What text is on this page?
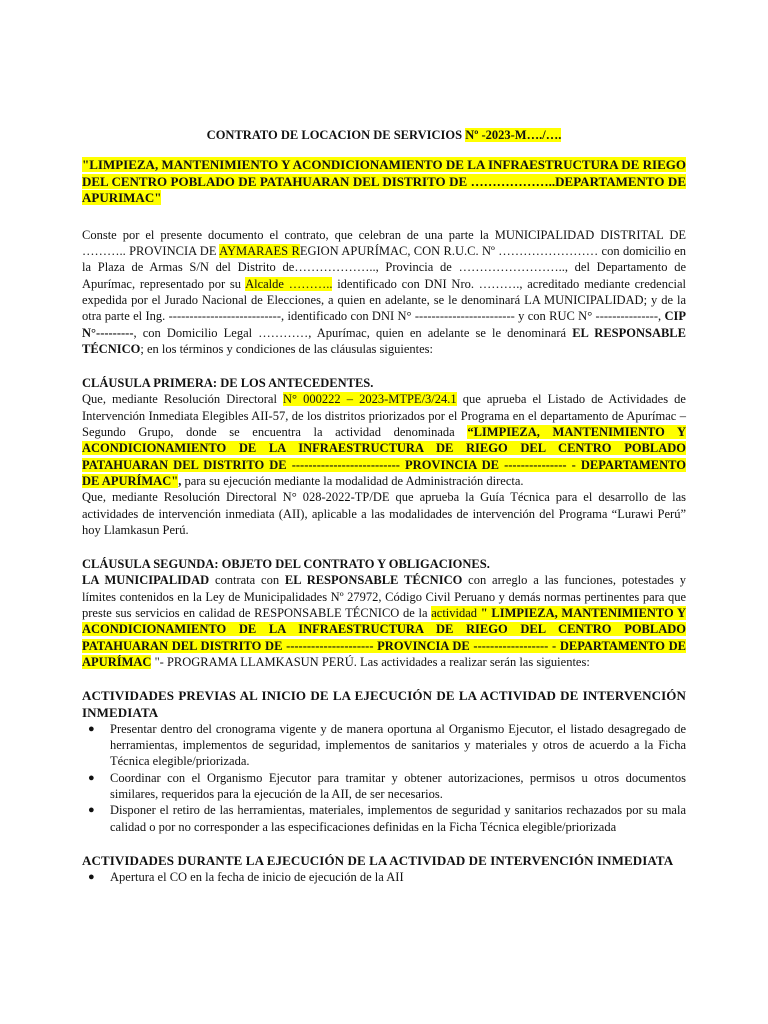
CONTRATO DE LOCACION DE SERVICIOS Nº -2023-M…./….

"LIMPIEZA, MANTENIMIENTO Y ACONDICIONAMIENTO DE LA INFRAESTRUCTURA DE RIEGO DEL CENTRO POBLADO DE PATAHUARAN DEL DISTRITO DE ………………..DEPARTAMENTO DE APURIMAC"

Conste por el presente documento el contrato, que celebran de una parte la MUNICIPALIDAD DISTRITAL DE ……….. PROVINCIA DE AYMARAES REGION APURÍMAC, CON R.U.C. Nº …………………… con domicilio en la Plaza de Armas S/N del Distrito de……………….., Provincia de …………………….., del Departamento de Apurímac, representado por su Alcalde ……….. identificado con DNI Nro. ………., acreditado mediante credencial expedida por el Jurado Nacional de Elecciones, a quien en adelante, se le denominará LA MUNICIPALIDAD; y de la otra parte el Ing. ---------------------------, identificado con DNI N° ------------------------ y con RUC N° ---------------, CIP N°---------, con Domicilio Legal …………, Apurímac, quien en adelante se le denominará EL RESPONSABLE TÉCNICO; en los términos y condiciones de las cláusulas siguientes:

CLÁUSULA PRIMERA: DE LOS ANTECEDENTES.

Que, mediante Resolución Directoral N° 000222 – 2023-MTPE/3/24.1 que aprueba el Listado de Actividades de Intervención Inmediata Elegibles AII-57, de los distritos priorizados por el Programa en el departamento de Apurímac – Segundo Grupo, donde se encuentra la actividad denominada “LIMPIEZA, MANTENIMIENTO Y ACONDICIONAMIENTO DE LA INFRAESTRUCTURA DE RIEGO DEL CENTRO POBLADO PATAHUARAN DEL DISTRITO DE -------------------------- PROVINCIA DE --------------- - DEPARTAMENTO DE APURÍMAC", para su ejecución mediante la modalidad de Administración directa.

Que, mediante Resolución Directoral N° 028-2022-TP/DE que aprueba la Guía Técnica para el desarrollo de las actividades de intervención inmediata (AII), aplicable a las modalidades de intervención del Programa “Lurawi Perú” hoy Llamkasun Perú.

CLÁUSULA SEGUNDA: OBJETO DEL CONTRATO Y OBLIGACIONES.

LA MUNICIPALIDAD contrata con EL RESPONSABLE TÉCNICO con arreglo a las funciones, potestades y límites contenidos en la Ley de Municipalidades Nº 27972, Código Civil Peruano y demás normas pertinentes para que preste sus servicios en calidad de RESPONSABLE TÉCNICO de la actividad " LIMPIEZA, MANTENIMIENTO Y ACONDICIONAMIENTO DE LA INFRAESTRUCTURA DE RIEGO DEL CENTRO POBLADO PATAHUARAN DEL DISTRITO DE --------------------- PROVINCIA DE ------------------ - DEPARTAMENTO DE APURÍMAC "- PROGRAMA LLAMKASUN PERÚ. Las actividades a realizar serán las siguientes:

ACTIVIDADES PREVIAS AL INICIO DE LA EJECUCIÓN DE LA ACTIVIDAD DE INTERVENCIÓN INMEDIATA

● Presentar dentro del cronograma vigente y de manera oportuna al Organismo Ejecutor, el listado desagregado de herramientas, implementos de seguridad, implementos de sanitarios y materiales y otros de acuerdo a la Ficha Técnica elegible/priorizada.
● Coordinar con el Organismo Ejecutor para tramitar y obtener autorizaciones, permisos u otros documentos similares, requeridos para la ejecución de la AII, de ser necesarios.
● Disponer el retiro de las herramientas, materiales, implementos de seguridad y sanitarios rechazados por su mala calidad o por no corresponder a las especificaciones definidas en la Ficha Técnica elegible/priorizada

ACTIVIDADES DURANTE LA EJECUCIÓN DE LA ACTIVIDAD DE INTERVENCIÓN INMEDIATA

● Apertura el CO en la fecha de inicio de ejecución de la AII
